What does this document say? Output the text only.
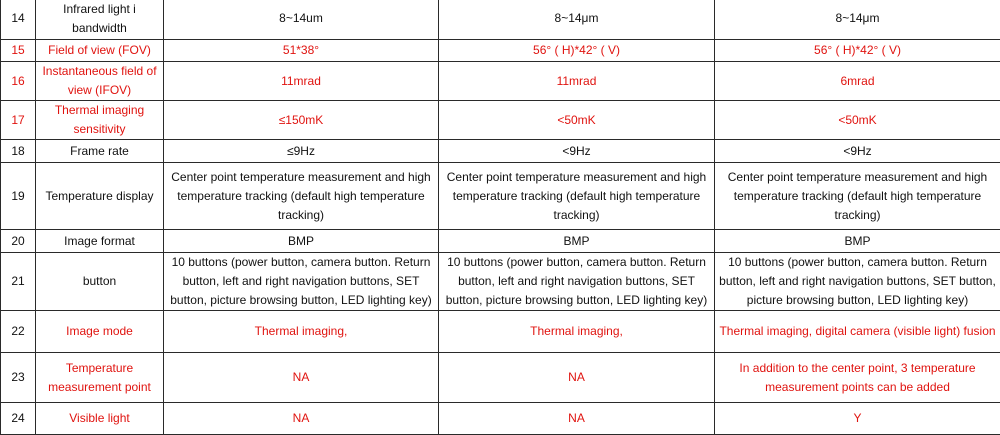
14	Infrared light i bandwidth	8~14um	8~14μm	8~14μm
15	Field of view (FOV)	51*38°	56° ( H)*42° ( V)	56° ( H)*42° ( V)
16	Instantaneous field of view (IFOV)	11mrad	11mrad	6mrad
17	Thermal imaging sensitivity	≤150mK	<50mK	<50mK
18	Frame rate	≤9Hz	<9Hz	<9Hz
19	Temperature display	Center point temperature measurement and high temperature tracking (default high temperature tracking)	Center point temperature measurement and high temperature tracking (default high temperature tracking)	Center point temperature measurement and high temperature tracking (default high temperature tracking)
20	Image format	BMP	BMP	BMP
21	button	10 buttons (power button, camera button. Return button, left and right navigation buttons, SET button, picture browsing button, LED lighting key)	10 buttons (power button, camera button. Return button, left and right navigation buttons, SET button, picture browsing button, LED lighting key)	10 buttons (power button, camera button. Return button, left and right navigation buttons, SET button, picture browsing button, LED lighting key)
22	Image mode	Thermal imaging,	Thermal imaging,	Thermal imaging, digital camera (visible light) fusion
23	Temperature measurement point	NA	NA	In addition to the center point, 3 temperature measurement points can be added
24	Visible light	NA	NA	Y
